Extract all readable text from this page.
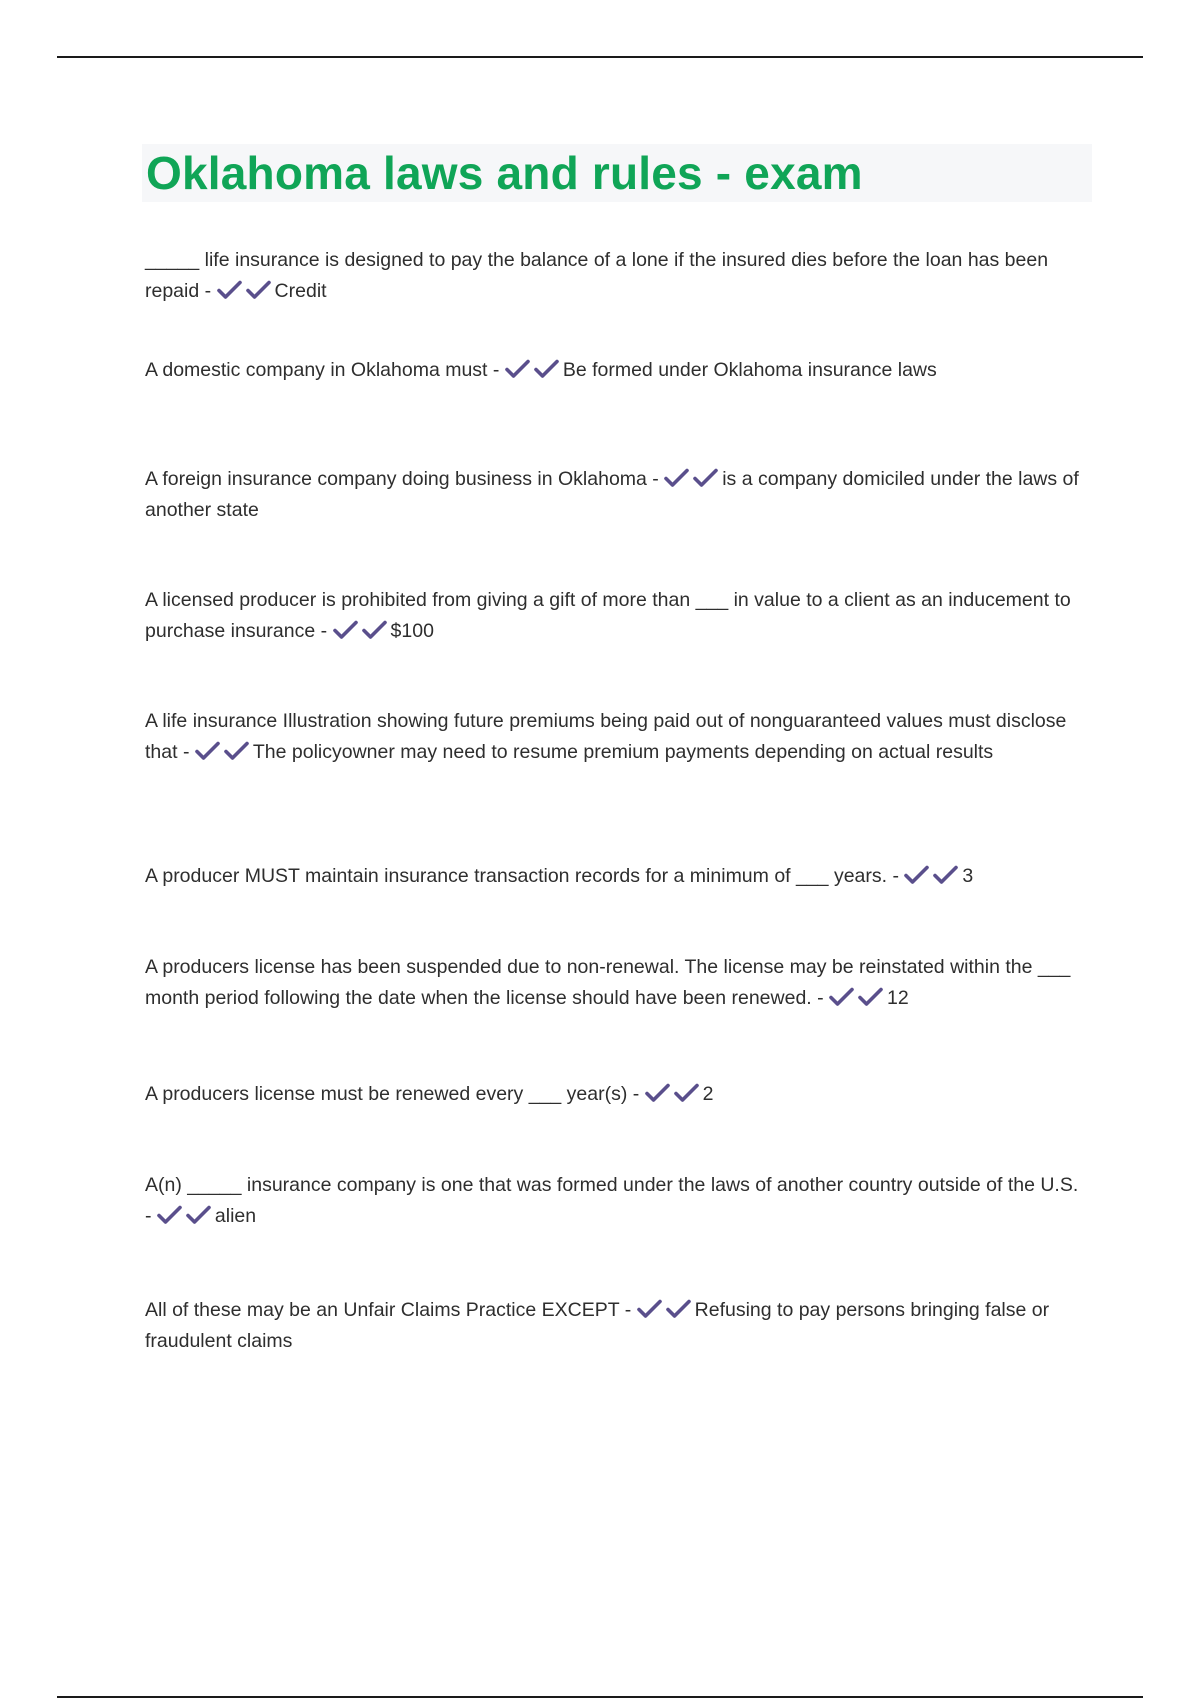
Oklahoma laws and rules - exam
_____ life insurance is designed to pay the balance of a lone if the insured dies before the loan has been repaid -	Credit
A domestic company in Oklahoma must -	Be formed under Oklahoma insurance laws
A foreign insurance company doing business in Oklahoma -	is a company domiciled under the laws of another state
A licensed producer is prohibited from giving a gift of more than ___ in value to a client as an inducement to purchase insurance -	$100
A life insurance Illustration showing future premiums being paid out of nonguaranteed values must disclose that -	The policyowner may need to resume premium payments depending on actual results
A producer MUST maintain insurance transaction records for a minimum of ___ years. -	3
A producers license has been suspended due to non-renewal. The license may be reinstated within the ___ month period following the date when the license should have been renewed. -	12
A producers license must be renewed every ___ year(s) -	2
A(n) _____ insurance company is one that was formed under the laws of another country outside of the U.S. -	alien
All of these may be an Unfair Claims Practice EXCEPT -	Refusing to pay persons bringing false or fraudulent claims
